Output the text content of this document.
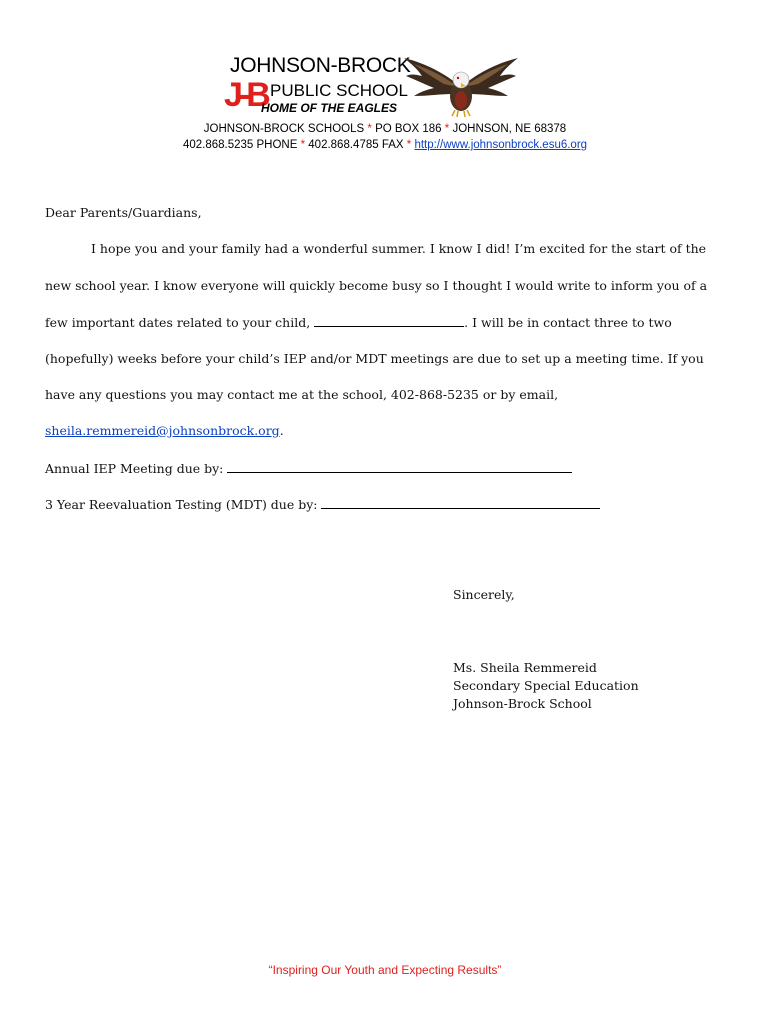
JOHNSON-BROCK
J-B PUBLIC SCHOOL
HOME OF THE EAGLES
JOHNSON-BROCK SCHOOLS * PO BOX 186 * JOHNSON, NE 68378
402.868.5235 PHONE * 402.868.4785 FAX * http://www.johnsonbrock.esu6.org
Dear Parents/Guardians,
I hope you and your family had a wonderful summer. I know I did! I’m excited for the start of the
new school year. I know everyone will quickly become busy so I thought I would write to inform you of a
few important dates related to your child,	. I will be in contact three to two
(hopefully) weeks before your child’s IEP and/or MDT meetings are due to set up a meeting time. If you
have any questions you may contact me at the school, 402-868-5235 or by email,
sheila.remmereid@johnsonbrock.org.
Annual IEP Meeting due by:
3 Year Reevaluation Testing (MDT) due by:
Sincerely,
Ms. Sheila Remmereid
Secondary Special Education
Johnson-Brock School
“Inspiring Our Youth and Expecting Results”
